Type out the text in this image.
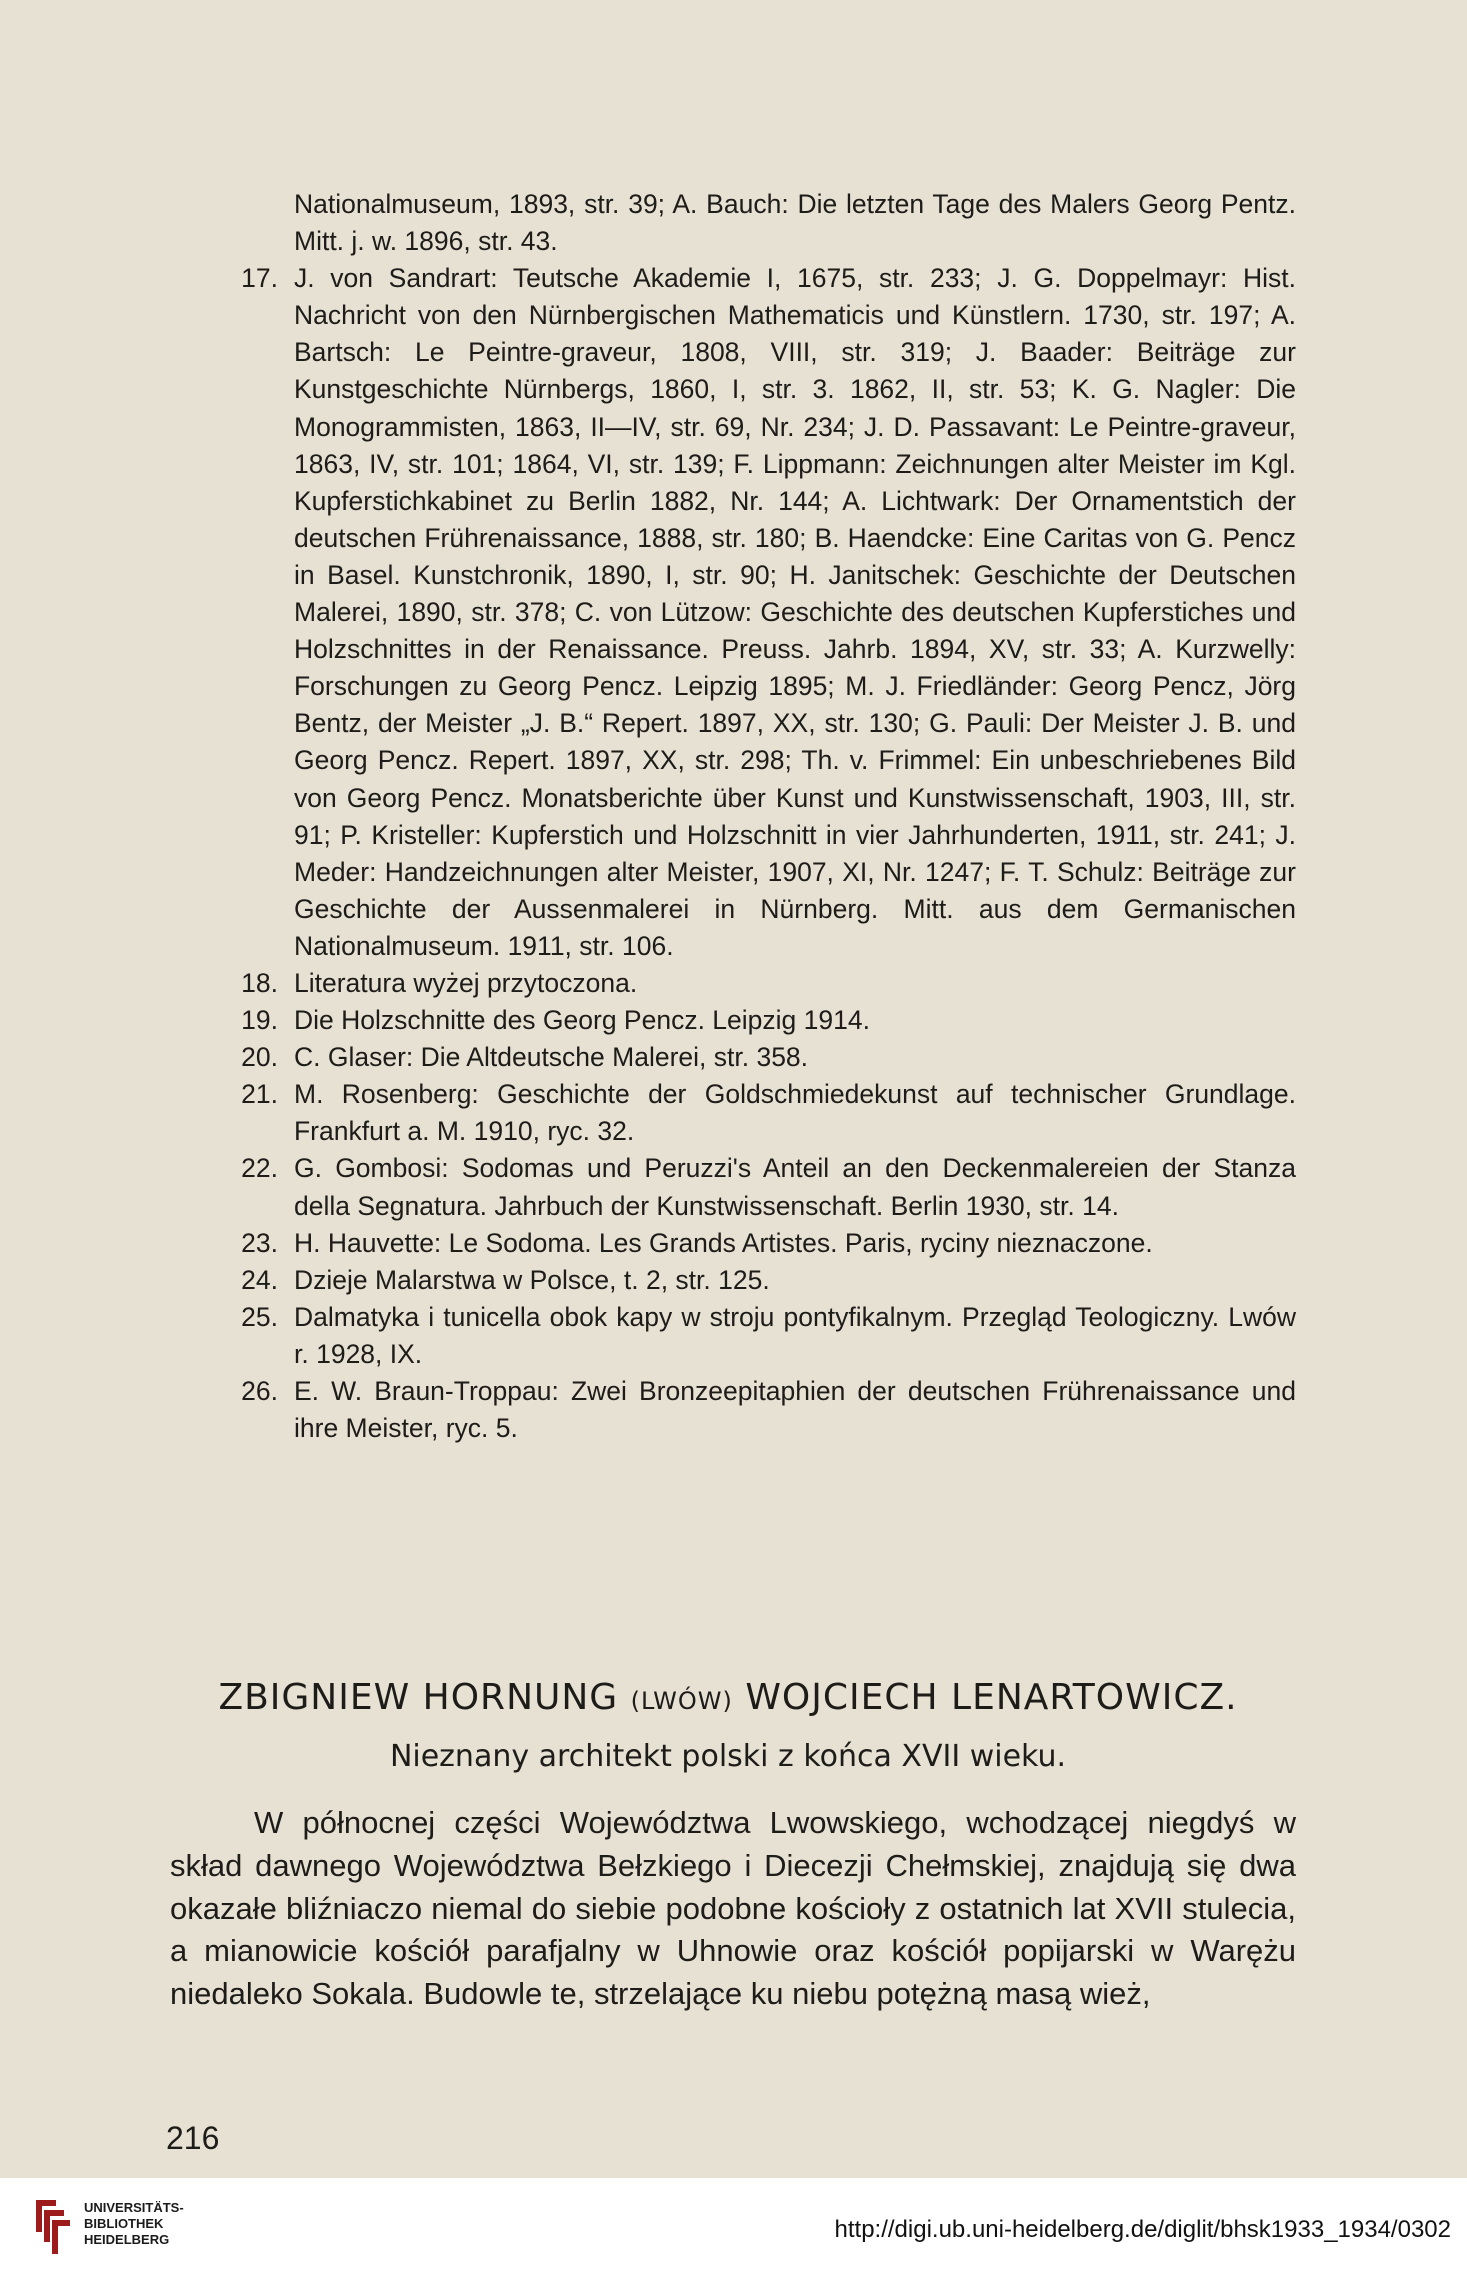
Nationalmuseum, 1893, str. 39; A. Bauch: Die letzten Tage des Malers Georg Pentz. Mitt. j. w. 1896, str. 43.
17. J. von Sandrart: Teutsche Akademie I, 1675, str. 233; J. G. Doppelmayr: Hist. Nachricht von den Nürnbergischen Mathematicis und Künstlern. 1730, str. 197; A. Bartsch: Le Peintre-graveur, 1808, VIII, str. 319; J. Baader: Beiträge zur Kunstgeschichte Nürnbergs, 1860, I, str. 3. 1862, II, str. 53; K. G. Nagler: Die Monogrammisten, 1863, II—IV, str. 69, Nr. 234; J. D. Passavant: Le Peintre-graveur, 1863, IV, str. 101; 1864, VI, str. 139; F. Lippmann: Zeichnungen alter Meister im Kgl. Kupferstichkabinet zu Berlin 1882, Nr. 144; A. Lichtwark: Der Ornamentstich der deutschen Frührenaissance, 1888, str. 180; B. Haendcke: Eine Caritas von G. Pencz in Basel. Kunstchronik, 1890, I, str. 90; H. Janitschek: Geschichte der Deutschen Malerei, 1890, str. 378; C. von Lützow: Geschichte des deutschen Kupferstiches und Holzschnittes in der Renaissance. Preuss. Jahrb. 1894, XV, str. 33; A. Kurzwelly: Forschungen zu Georg Pencz. Leipzig 1895; M. J. Friedländer: Georg Pencz, Jörg Bentz, der Meister „J. B.“ Repert. 1897, XX, str. 130; G. Pauli: Der Meister J. B. und Georg Pencz. Repert. 1897, XX, str. 298; Th. v. Frimmel: Ein unbeschriebenes Bild von Georg Pencz. Monatsberichte über Kunst und Kunstwissenschaft, 1903, III, str. 91; P. Kristeller: Kupferstich und Holzschnitt in vier Jahrhunderten, 1911, str. 241; J. Meder: Handzeichnungen alter Meister, 1907, XI, Nr. 1247; F. T. Schulz: Beiträge zur Geschichte der Aussenmalerei in Nürnberg. Mitt. aus dem Germanischen Nationalmuseum. 1911, str. 106.
18. Literatura wyżej przytoczona.
19. Die Holzschnitte des Georg Pencz. Leipzig 1914.
20. C. Glaser: Die Altdeutsche Malerei, str. 358.
21. M. Rosenberg: Geschichte der Goldschmiedekunst auf technischer Grundlage. Frankfurt a. M. 1910, ryc. 32.
22. G. Gombosi: Sodomas und Peruzzi's Anteil an den Deckenmalereien der Stanza della Segnatura. Jahrbuch der Kunstwissenschaft. Berlin 1930, str. 14.
23. H. Hauvette: Le Sodoma. Les Grands Artistes. Paris, ryciny nieznaczone.
24. Dzieje Malarstwa w Polsce, t. 2, str. 125.
25. Dalmatyka i tunicella obok kapy w stroju pontyfikalnym. Przegląd Teologiczny. Lwów r. 1928, IX.
26. E. W. Braun-Troppau: Zwei Bronzeepitaphien der deutschen Frührenaissance und ihre Meister, ryc. 5.
ZBIGNIEW HORNUNG (LWÓW) WOJCIECH LENARTOWICZ.
Nieznany architekt polski z końca XVII wieku.
W północnej części Województwa Lwowskiego, wchodzącej niegdyś w skład dawnego Województwa Bełzkiego i Diecezji Chełmskiej, znajdują się dwa okazałe bliźniaczo niemal do siebie podobne kościoły z ostatnich lat XVII stulecia, a mianowicie kościół parafjalny w Uhnowie oraz kościół popijarski w Warężu niedaleko Sokala. Budowle te, strzelające ku niebu potężną masą wież,
216
UNIVERSITÄTS-
BIBLIOTHEK
HEIDELBERG	http://digi.ub.uni-heidelberg.de/diglit/bhsk1933_1934/0302
